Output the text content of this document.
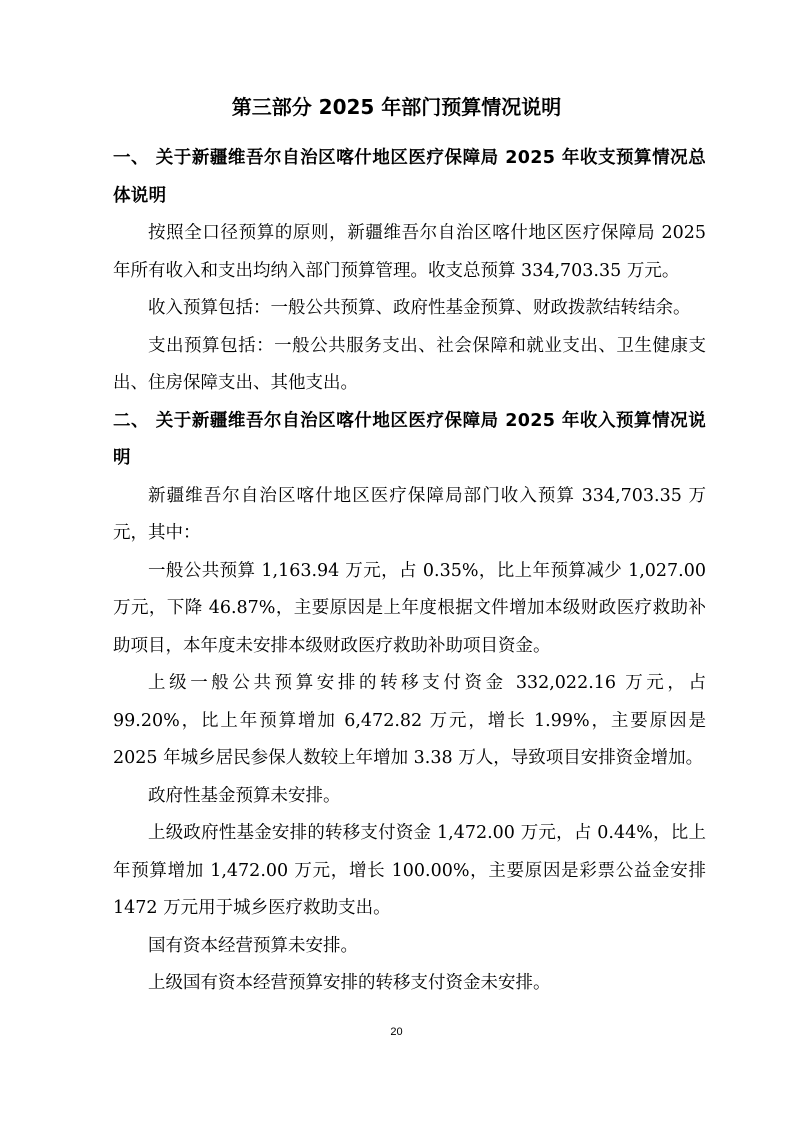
第三部分 2025 年部门预算情况说明
一、 关于新疆维吾尔自治区喀什地区医疗保障局 2025 年收支预算情况总体说明

按照全口径预算的原则，新疆维吾尔自治区喀什地区医疗保障局 2025 年所有收入和支出均纳入部门预算管理。收支总预算 334,703.35 万元。

收入预算包括：一般公共预算、政府性基金预算、财政拨款结转结余。

支出预算包括：一般公共服务支出、社会保障和就业支出、卫生健康支出、住房保障支出、其他支出。

二、 关于新疆维吾尔自治区喀什地区医疗保障局 2025 年收入预算情况说明

新疆维吾尔自治区喀什地区医疗保障局部门收入预算 334,703.35 万元，其中：

一般公共预算 1,163.94 万元，占 0.35%，比上年预算减少 1,027.00 万元，下降 46.87%，主要原因是上年度根据文件增加本级财政医疗救助补助项目，本年度未安排本级财政医疗救助补助项目资金。

上级一般公共预算安排的转移支付资金 332,022.16 万元，占 99.20%，比上年预算增加 6,472.82 万元，增长 1.99%，主要原因是 2025 年城乡居民参保人数较上年增加 3.38 万人，导致项目安排资金增加。

政府性基金预算未安排。

上级政府性基金安排的转移支付资金 1,472.00 万元，占 0.44%，比上年预算增加 1,472.00 万元，增长 100.00%，主要原因是彩票公益金安排 1472 万元用于城乡医疗救助支出。

国有资本经营预算未安排。

上级国有资本经营预算安排的转移支付资金未安排。

20
